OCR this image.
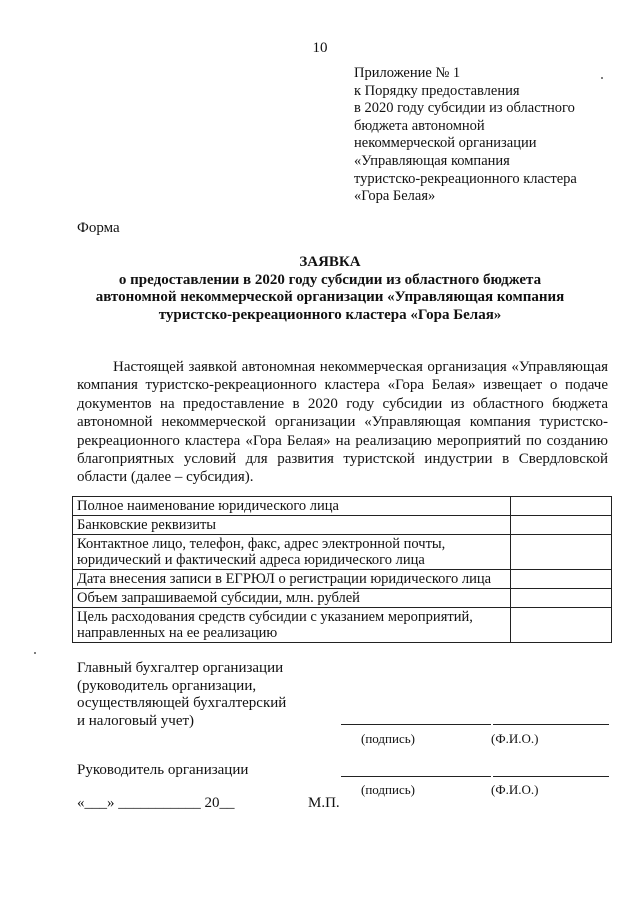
10
Приложение № 1
к Порядку предоставления
в 2020 году субсидии из областного
бюджета автономной
некоммерческой организации
«Управляющая компания
туристско-рекреационного кластера
«Гора Белая»
Форма
ЗАЯВКА
о предоставлении в 2020 году субсидии из областного бюджета
автономной некоммерческой организации «Управляющая компания
туристско-рекреационного кластера «Гора Белая»

Настоящей заявкой автономная некоммерческая организация «Управляющая компания туристско-рекреационного кластера «Гора Белая» извещает о подаче документов на предоставление в 2020 году субсидии из областного бюджета автономной некоммерческой организации «Управляющая компания туристско-рекреационного кластера «Гора Белая» на реализацию мероприятий по созданию благоприятных условий для развития туристской индустрии в Свердловской области (далее – субсидия).

Полное наименование юридического лица	
Банковские реквизиты	
Контактное лицо, телефон, факс, адрес электронной почты, юридический и фактический адреса юридического лица	
Дата внесения записи в ЕГРЮЛ о регистрации юридического лица	
Объем запрашиваемой субсидии, млн. рублей	
Цель расходования средств субсидии с указанием мероприятий, направленных на ее реализацию	
Главный бухгалтер организации
(руководитель организации,
осуществляющей бухгалтерский
и налоговый учет)
(подпись)	(Ф.И.О.)
Руководитель организации
(подпись)	(Ф.И.О.)
«___» ___________ 20__	М.П.
